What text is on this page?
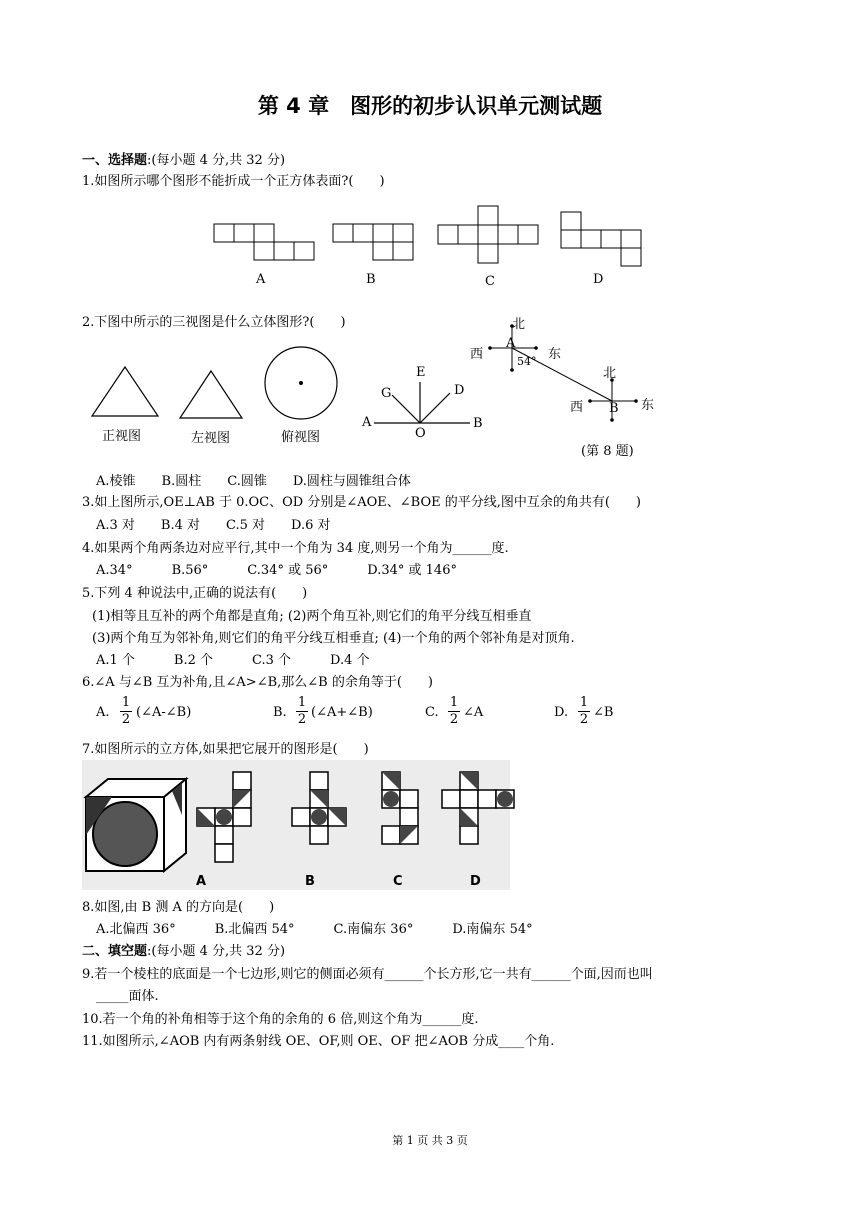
第 4 章　图形的初步认识单元测试题
一、选择题:(每小题 4 分,共 32 分)
1.如图所示哪个图形不能折成一个正方体表面?(　　)
A	B	C	D
2.下图中所示的三视图是什么立体图形?(　　)
正视图	左视图	俯视图
A	B
O
E
G	D
北
西	东
A
54°
北
西	东
B
(第 8 题)
A.棱锥　　B.圆柱　　C.圆锥　　D.圆柱与圆锥组合体
3.如上图所示,OE⊥AB 于 0.OC、OD 分别是∠AOE、∠BOE 的平分线,图中互余的角共有(　　)
A.3 对　　B.4 对　　C.5 对　　D.6 对
4.如果两个角两条边对应平行,其中一个角为 34 度,则另一个角为______度.
A.34°　　　B.56°　　　C.34° 或 56°　　　D.34° 或 146°
5.下列 4 种说法中,正确的说法有(　　)
(1)相等且互补的两个角都是直角; (2)两个角互补,则它们的角平分线互相垂直
(3)两个角互为邻补角,则它们的角平分线互相垂直; (4)一个角的两个邻补角是对顶角.
A.1 个　　　B.2 个　　　C.3 个　　　D.4 个
6.∠A 与∠B 互为补角,且∠A>∠B,那么∠B 的余角等于(　　)
A. $\frac{1}{2}$ (∠A-∠B)	B. $\frac{1}{2}$ (∠A+∠B)	C. $\frac{1}{2}$ ∠A	D. $\frac{1}{2}$ ∠B
7.如图所示的立方体,如果把它展开的图形是(　　)
A	B	C	D
8.如图,由 B 测 A 的方向是(　　)
A.北偏西 36°　　　B.北偏西 54°　　　C.南偏东 36°　　　D.南偏东 54°
二、填空题:(每小题 4 分,共 32 分)
9.若一个棱柱的底面是一个七边形,则它的侧面必须有______个长方形,它一共有______个面,因而也叫
_____面体.
10.若一个角的补角相等于这个角的余角的 6 倍,则这个角为______度.
11.如图所示,∠AOB 内有两条射线 OE、OF,则 OE、OF 把∠AOB 分成____个角.
第 1 页 共 3 页
